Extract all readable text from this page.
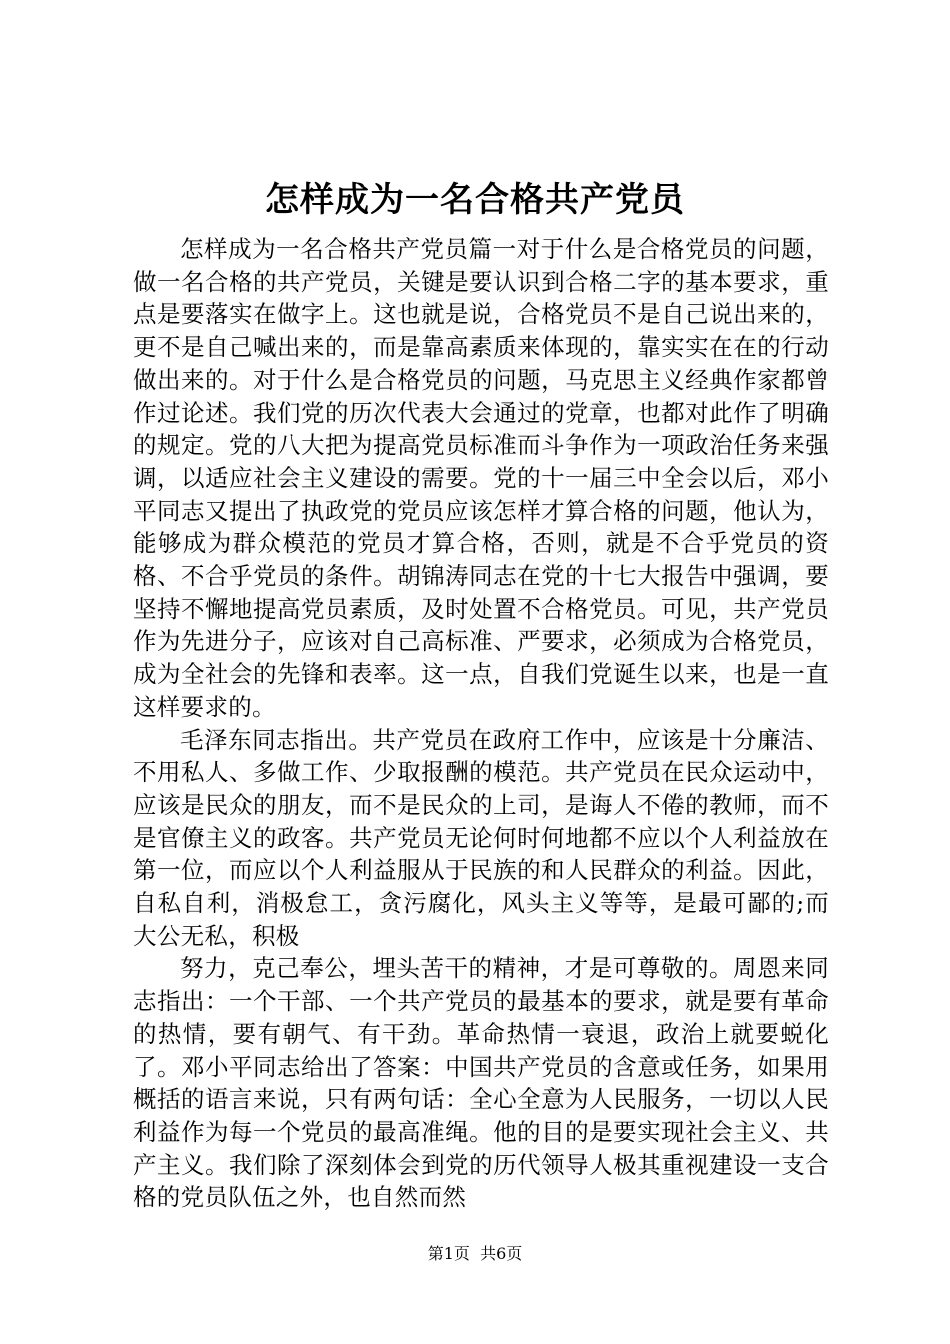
怎样成为一名合格共产党员

怎样成为一名合格共产党员篇一对于什么是合格党员的问题，做一名合格的共产党员，关键是要认识到合格二字的基本要求，重点是要落实在做字上。这也就是说，合格党员不是自己说出来的，更不是自己喊出来的，而是靠高素质来体现的，靠实实在在的行动做出来的。对于什么是合格党员的问题，马克思主义经典作家都曾作过论述。我们党的历次代表大会通过的党章，也都对此作了明确的规定。党的八大把为提高党员标准而斗争作为一项政治任务来强调，以适应社会主义建设的需要。党的十一届三中全会以后，邓小平同志又提出了执政党的党员应该怎样才算合格的问题，他认为，能够成为群众模范的党员才算合格，否则，就是不合乎党员的资格、不合乎党员的条件。胡锦涛同志在党的十七大报告中强调，要坚持不懈地提高党员素质，及时处置不合格党员。可见，共产党员作为先进分子，应该对自己高标准、严要求，必须成为合格党员，成为全社会的先锋和表率。这一点，自我们党诞生以来，也是一直这样要求的。

毛泽东同志指出。共产党员在政府工作中，应该是十分廉洁、不用私人、多做工作、少取报酬的模范。共产党员在民众运动中，应该是民众的朋友，而不是民众的上司，是诲人不倦的教师，而不是官僚主义的政客。共产党员无论何时何地都不应以个人利益放在第一位，而应以个人利益服从于民族的和人民群众的利益。因此，自私自利，消极怠工，贪污腐化，风头主义等等，是最可鄙的;而大公无私，积极

努力，克己奉公，埋头苦干的精神，才是可尊敬的。周恩来同志指出：一个干部、一个共产党员的最基本的要求，就是要有革命的热情，要有朝气、有干劲。革命热情一衰退，政治上就要蜕化了。邓小平同志给出了答案：中国共产党员的含意或任务，如果用概括的语言来说，只有两句话：全心全意为人民服务，一切以人民利益作为每一个党员的最高准绳。他的目的是要实现社会主义、共产主义。我们除了深刻体会到党的历代领导人极其重视建设一支合格的党员队伍之外，也自然而然

第1页  共6页
